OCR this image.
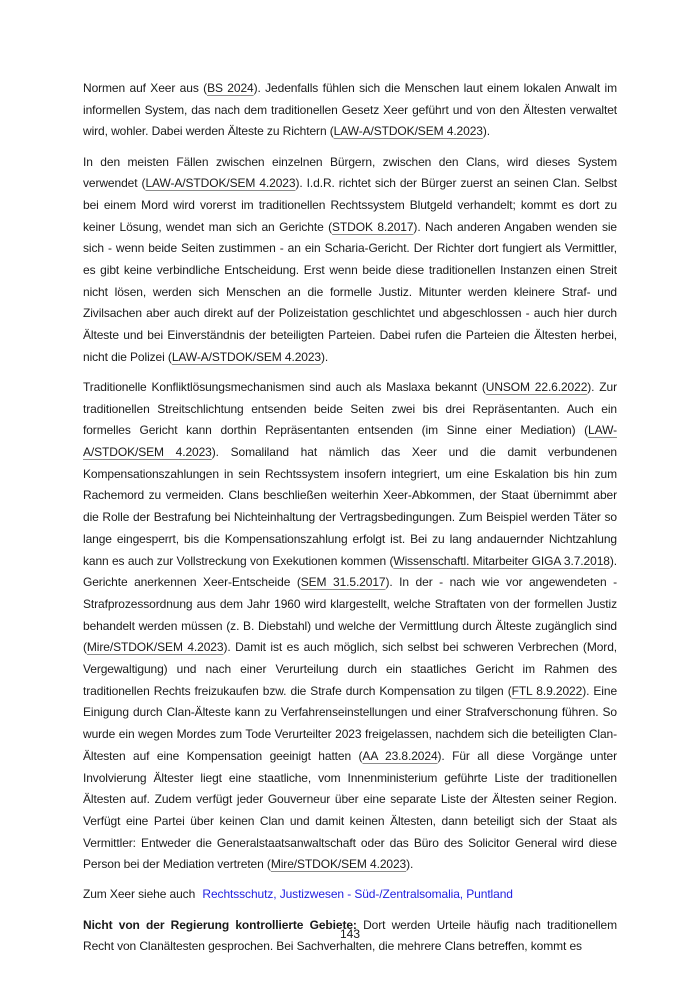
Normen auf Xeer aus (BS 2024). Jedenfalls fühlen sich die Menschen laut einem lokalen Anwalt im informellen System, das nach dem traditionellen Gesetz Xeer geführt und von den Ältesten verwaltet wird, wohler. Dabei werden Älteste zu Richtern (LAW-A/STDOK/SEM 4.2023).

In den meisten Fällen zwischen einzelnen Bürgern, zwischen den Clans, wird dieses System verwendet (LAW-A/STDOK/SEM 4.2023). I.d.R. richtet sich der Bürger zuerst an seinen Clan. Selbst bei einem Mord wird vorerst im traditionellen Rechtssystem Blutgeld verhandelt; kommt es dort zu keiner Lösung, wendet man sich an Gerichte (STDOK 8.2017). Nach anderen Angaben wenden sie sich - wenn beide Seiten zustimmen - an ein Scharia-Gericht. Der Richter dort fungiert als Vermittler, es gibt keine verbindliche Entscheidung. Erst wenn beide diese traditionellen Instanzen einen Streit nicht lösen, werden sich Menschen an die formelle Justiz. Mitunter werden kleinere Straf- und Zivilsachen aber auch direkt auf der Polizeistation geschlichtet und abgeschlossen - auch hier durch Älteste und bei Einverständnis der beteiligten Parteien. Dabei rufen die Parteien die Ältesten herbei, nicht die Polizei (LAW-A/STDOK/SEM 4.2023).

Traditionelle Konfliktlösungsmechanismen sind auch als Maslaxa bekannt (UNSOM 22.6.2022). Zur traditionellen Streitschlichtung entsenden beide Seiten zwei bis drei Repräsentanten. Auch ein formelles Gericht kann dorthin Repräsentanten entsenden (im Sinne einer Mediation) (LAW-A/STDOK/SEM 4.2023). Somaliland hat nämlich das Xeer und die damit verbundenen Kompensationszahlungen in sein Rechtssystem insofern integriert, um eine Eskalation bis hin zum Rachemord zu vermeiden. Clans beschließen weiterhin Xeer-Abkommen, der Staat übernimmt aber die Rolle der Bestrafung bei Nichteinhaltung der Vertragsbedingungen. Zum Beispiel werden Täter so lange eingesperrt, bis die Kompensationszahlung erfolgt ist. Bei zu lang andauernder Nichtzahlung kann es auch zur Vollstreckung von Exekutionen kommen (Wissenschaftl. Mitarbeiter GIGA 3.7.2018). Gerichte anerkennen Xeer-Entscheide (SEM 31.5.2017). In der - nach wie vor angewendeten - Strafprozessordnung aus dem Jahr 1960 wird klargestellt, welche Straftaten von der formellen Justiz behandelt werden müssen (z. B. Diebstahl) und welche der Vermittlung durch Älteste zugänglich sind (Mire/STDOK/SEM 4.2023). Damit ist es auch möglich, sich selbst bei schweren Verbrechen (Mord, Vergewaltigung) und nach einer Verurteilung durch ein staatliches Gericht im Rahmen des traditionellen Rechts freizukaufen bzw. die Strafe durch Kompensation zu tilgen (FTL 8.9.2022). Eine Einigung durch Clan-Älteste kann zu Verfahrenseinstellungen und einer Strafverschonung führen. So wurde ein wegen Mordes zum Tode Verurteilter 2023 freigelassen, nachdem sich die beteiligten Clan-Ältesten auf eine Kompensation geeinigt hatten (AA 23.8.2024). Für all diese Vorgänge unter Involvierung Ältester liegt eine staatliche, vom Innenministerium geführte Liste der traditionellen Ältesten auf. Zudem verfügt jeder Gouverneur über eine separate Liste der Ältesten seiner Region. Verfügt eine Partei über keinen Clan und damit keinen Ältesten, dann beteiligt sich der Staat als Vermittler: Entweder die Generalstaatsanwaltschaft oder das Büro des Solicitor General wird diese Person bei der Mediation vertreten (Mire/STDOK/SEM 4.2023).

Zum Xeer siehe auch Rechtsschutz, Justizwesen - Süd-/Zentralsomalia, Puntland

Nicht von der Regierung kontrollierte Gebiete: Dort werden Urteile häufig nach traditionellem Recht von Clanältesten gesprochen. Bei Sachverhalten, die mehrere Clans betreffen, kommt es

143
